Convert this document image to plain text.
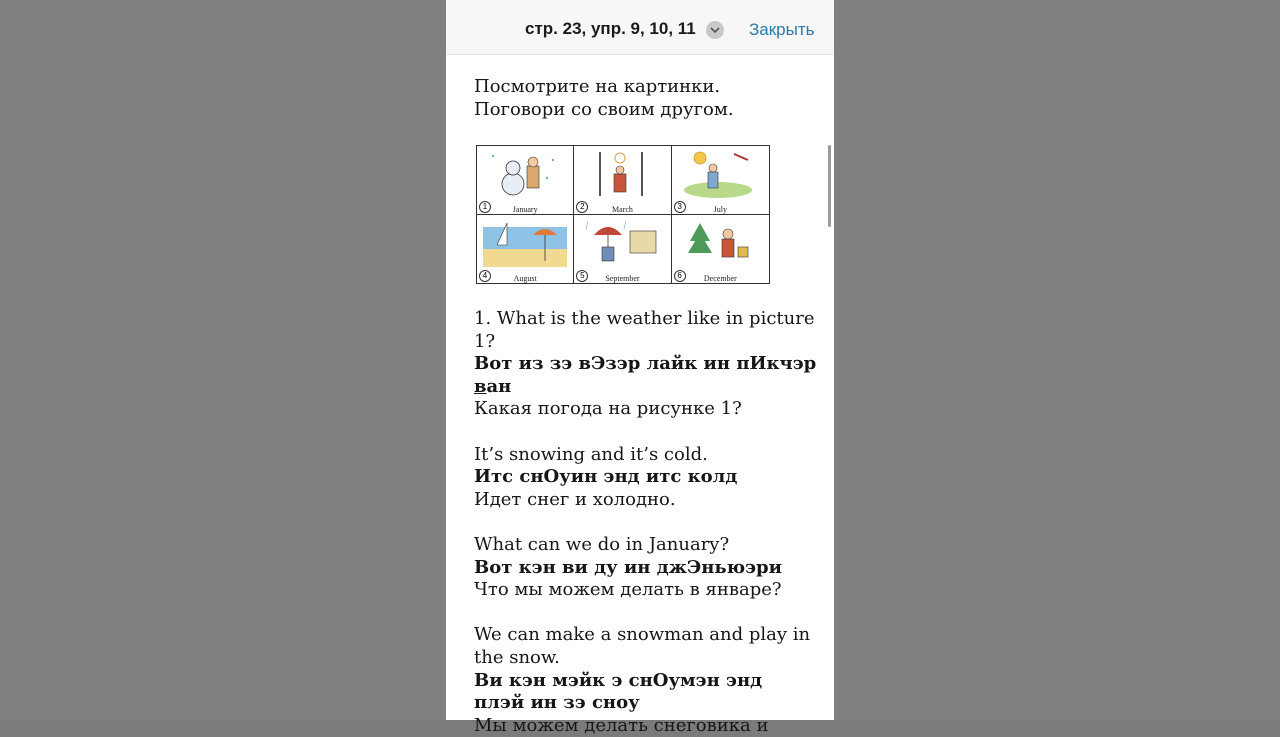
стр. 23, упр. 9, 10, 11	Закрыть

Посмотрите на картинки.

Поговори со своим другом.

1	January	2	March	3	July
4	August	5	September	6	December

1. What is the weather like in picture 1?

Вот из зэ вЭзэр лайк ин пИкчэр

ван

Какая погода на рисунке 1?

It’s snowing and it’s cold.

Итс снОуин энд итс колд

Идет снег и холодно.

What can we do in January?

Вот кэн ви ду ин джЭньюэри

Что мы можем делать в январе?

We can make a snowman and play in

the snow.

Ви кэн мэйк э снОумэн энд

плэй ин зэ сноу

Мы можем делать снеговика и
